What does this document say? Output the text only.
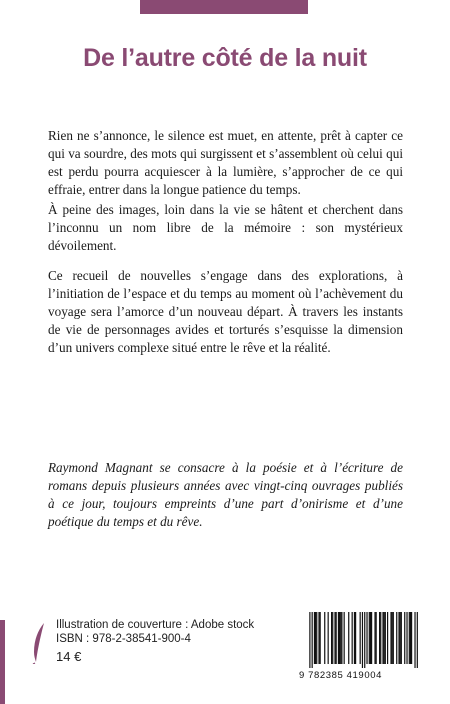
De l’autre côté de la nuit

Rien ne s’annonce, le silence est muet, en attente, prêt à capter ce qui va sourdre, des mots qui surgissent et s’assemblent où celui qui est perdu pourra acquiescer à la lumière, s’approcher de ce qui effraie, entrer dans la longue patience du temps.

À peine des images, loin dans la vie se hâtent et cherchent dans l’inconnu un nom libre de la mémoire : son mystérieux dévoilement.

Ce recueil de nouvelles s’engage dans des explorations, à l’initiation de l’espace et du temps au moment où l’achèvement du voyage sera l’amorce d’un nouveau départ. À travers les instants de vie de personnages avides et torturés s’esquisse la dimension d’un univers complexe situé entre le rêve et la réalité.

Raymond Magnant se consacre à la poésie et à l’écriture de romans depuis plusieurs années avec vingt-cinq ouvrages publiés à ce jour, toujours empreints d’une part d’onirisme et d’une poétique du temps et du rêve.

Illustration de couverture : Adobe stock
ISBN : 978-2-38541-900-4
14 €
9 782385 419004
